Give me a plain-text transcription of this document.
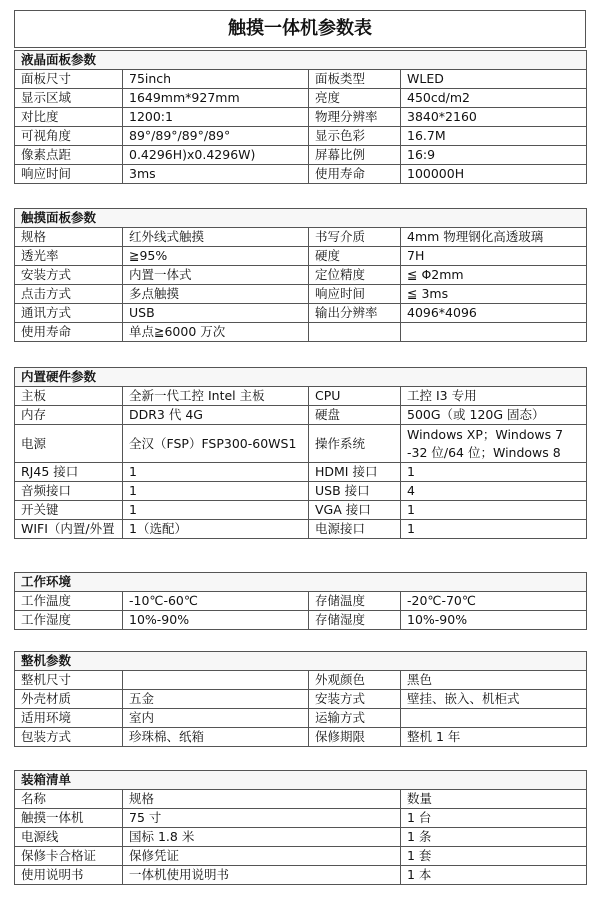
触摸一体机参数表
液晶面板参数			
面板尺寸	75inch	面板类型	WLED
显示区域	1649mm*927mm	亮度	450cd/m2
对比度	1200:1	物理分辨率	3840*2160
可视角度	89°/89°/89°/89°	显示色彩	16.7M
像素点距	0.4296H)x0.4296W)	屏幕比例	16:9
响应时间	3ms	使用寿命	100000H
触摸面板参数			
规格	红外线式触摸	书写介质	4mm 物理钢化高透玻璃
透光率	≧95%	硬度	7H
安装方式	内置一体式	定位精度	≦ Φ2mm
点击方式	多点触摸	响应时间	≦ 3ms
通讯方式	USB	输出分辨率	4096*4096
使用寿命	单点≧6000 万次		
内置硬件参数			
主板	全新一代工控 Intel 主板	CPU	工控 I3 专用
内存	DDR3 代 4G	硬盘	500G（或 120G 固态）
电源	全汉（FSP）FSP300-60WS1	操作系统	Windows XP；Windows 7 -32 位/64 位；Windows 8
RJ45 接口	1	HDMI 接口	1
音频接口	1	USB 接口	4
开关键	1	VGA 接口	1
WIFI（内置/外置	1（选配）	电源接口	1
工作环境			
工作温度	-10℃-60℃	存储温度	-20℃-70℃
工作湿度	10%-90%	存储湿度	10%-90%
整机参数			
整机尺寸		外观颜色	黑色
外壳材质	五金	安装方式	壁挂、嵌入、机柜式
适用环境	室内	运输方式	
包装方式	珍珠棉、纸箱	保修期限	整机 1 年
装箱清单		
名称	规格	数量
触摸一体机	75 寸	1 台
电源线	国标 1.8 米	1 条
保修卡合格证	保修凭证	1 套
使用说明书	一体机使用说明书	1 本
